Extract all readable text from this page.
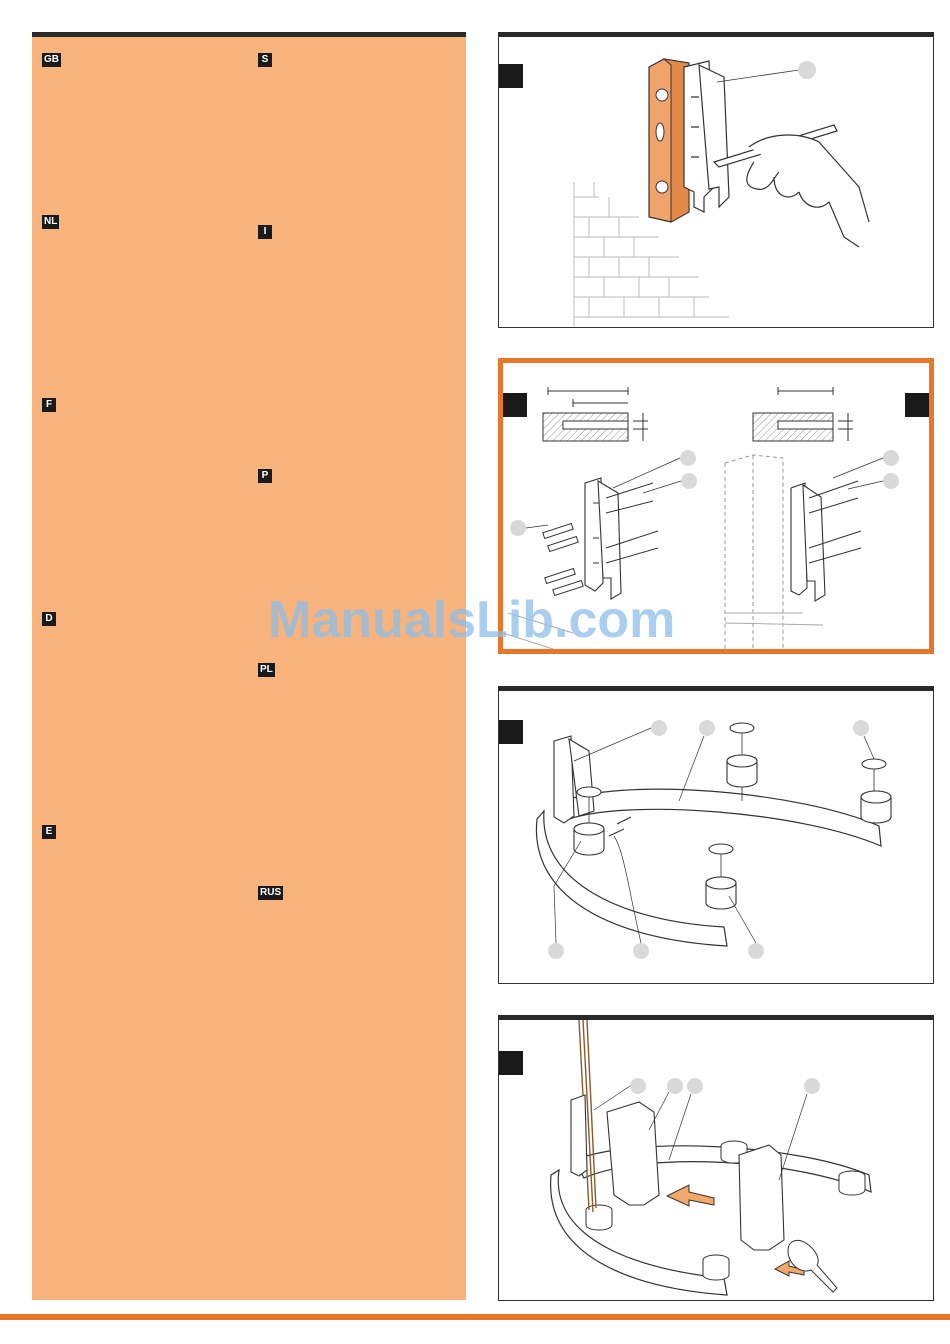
GB
NL
F
D
E
S
I
P
PL
RUS
ManualsLib.com
